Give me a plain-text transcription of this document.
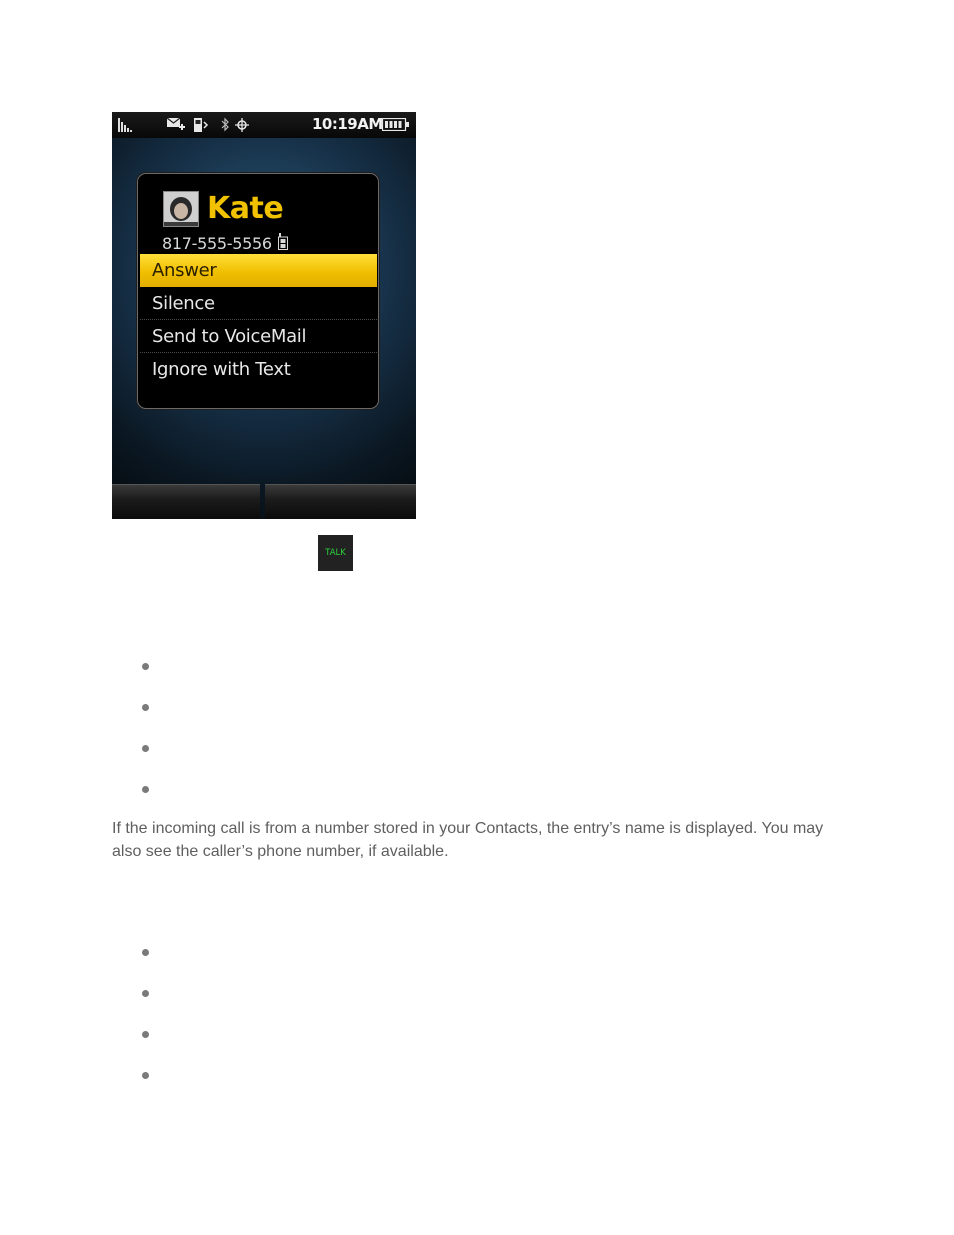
10:19AM
Kate
817-555-5556
Answer
Silence
Send to VoiceMail
Ignore with Text
TALK

If the incoming call is from a number stored in your Contacts, the entry’s name is displayed. You may also see the caller’s phone number, if available.
